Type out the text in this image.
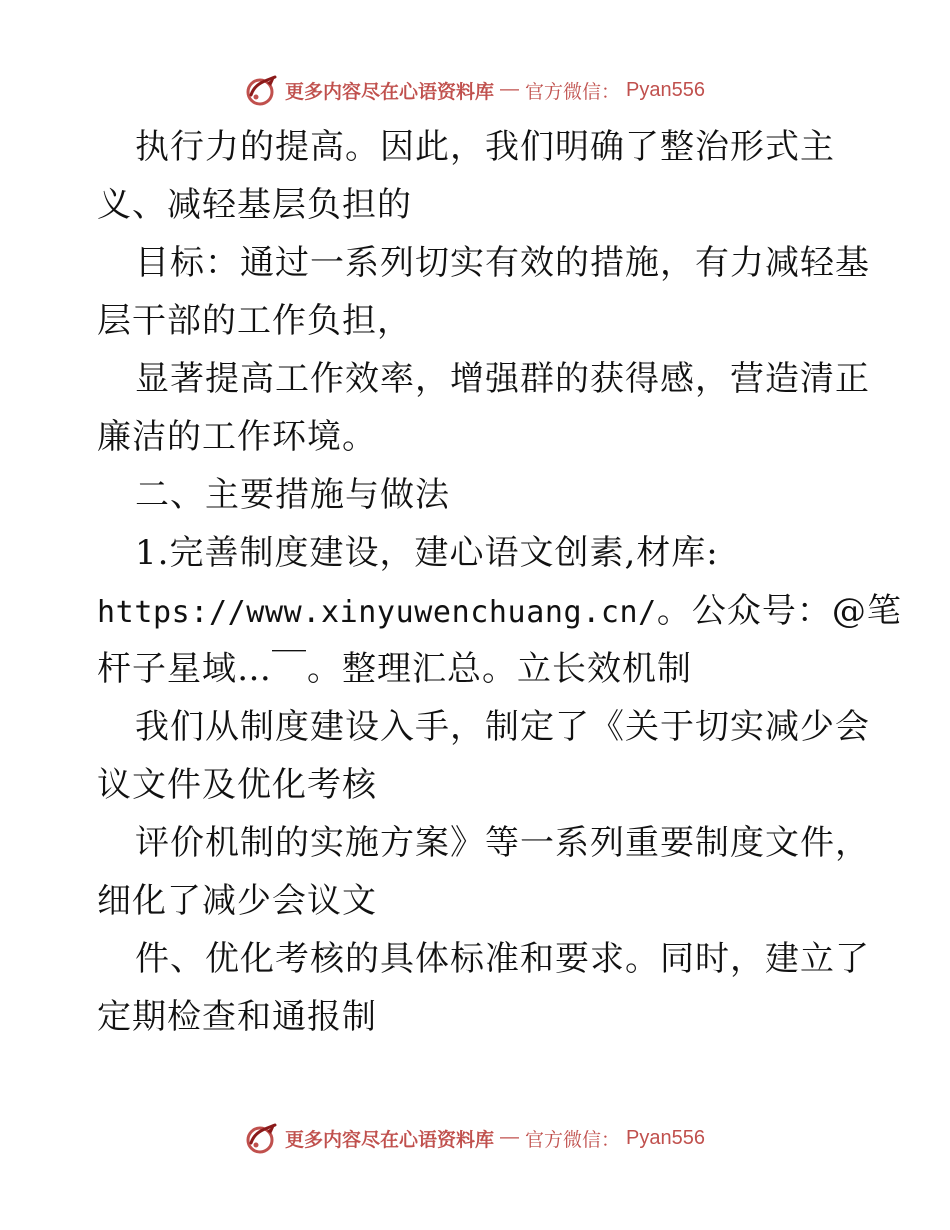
更多内容尽在心语资料库 — 官方微信： Pyan556
执行力的提高。因此，我们明确了整治形式主
义、减轻基层负担的
目标：通过一系列切实有效的措施，有力减轻基
层干部的工作负担，
显著提高工作效率，增强群的获得感，营造清正
廉洁的工作环境。
二、主要措施与做法
1.完善制度建设，建心语文创素,材库:
https://www.xinyuwenchuang.cn/。公众号：@笔
杆子星域…￣。整理汇总。立长效机制
我们从制度建设入手，制定了《关于切实减少会
议文件及优化考核
评价机制的实施方案》等一系列重要制度文件，
细化了减少会议文
件、优化考核的具体标准和要求。同时，建立了
定期检查和通报制
更多内容尽在心语资料库 — 官方微信： Pyan556
